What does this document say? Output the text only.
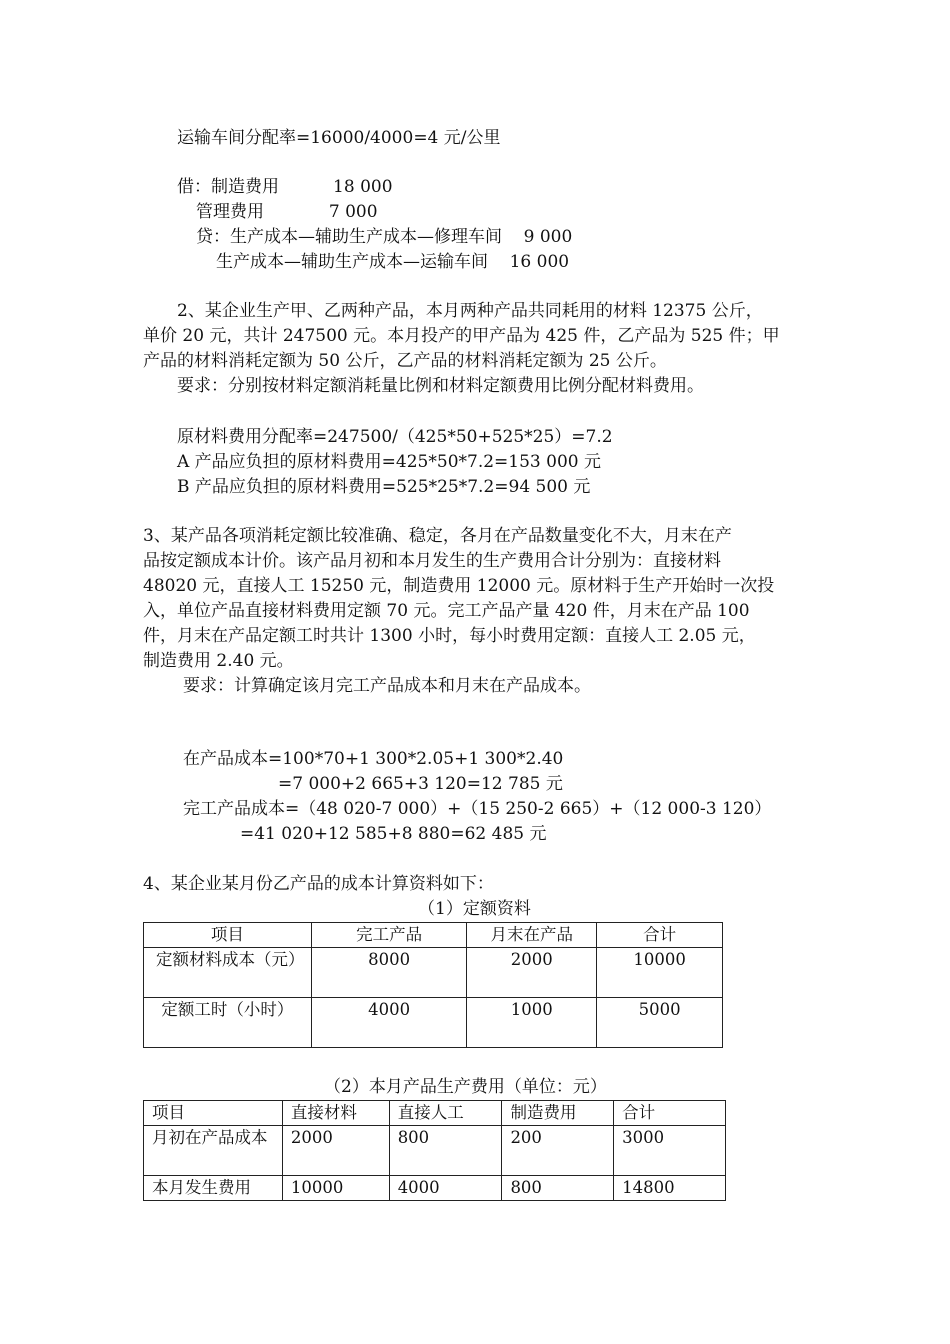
运输车间分配率=16000/4000=4 元/公里
借：制造费用          18 000
管理费用            7 000
贷：生产成本—辅助生产成本—修理车间    9 000
生产成本—辅助生产成本—运输车间    16 000
2、某企业生产甲、乙两种产品，本月两种产品共同耗用的材料 12375 公斤，
单价 20 元，共计 247500 元。本月投产的甲产品为 425 件，乙产品为 525 件；甲
产品的材料消耗定额为 50 公斤，乙产品的材料消耗定额为 25 公斤。
要求：分别按材料定额消耗量比例和材料定额费用比例分配材料费用。
原材料费用分配率=247500/（425*50+525*25）=7.2
A 产品应负担的原材料费用=425*50*7.2=153 000 元
B 产品应负担的原材料费用=525*25*7.2=94 500 元
3、某产品各项消耗定额比较准确、稳定，各月在产品数量变化不大，月末在产
品按定额成本计价。该产品月初和本月发生的生产费用合计分别为：直接材料
48020 元，直接人工 15250 元，制造费用 12000 元。原材料于生产开始时一次投
入，单位产品直接材料费用定额 70 元。完工产品产量 420 件，月末在产品 100
件，月末在产品定额工时共计 1300 小时，每小时费用定额：直接人工 2.05 元，
制造费用 2.40 元。
要求：计算确定该月完工产品成本和月末在产品成本。
在产品成本=100*70+1 300*2.05+1 300*2.40
=7 000+2 665+3 120=12 785 元
完工产品成本=（48 020-7 000）+（15 250-2 665）+（12 000-3 120）
=41 020+12 585+8 880=62 485 元
4、某企业某月份乙产品的成本计算资料如下：
（1）定额资料
项目	完工产品	月末在产品	合计
定额材料成本（元）	8000	2000	10000
定额工时（小时）	4000	1000	5000
（2）本月产品生产费用（单位：元）
项目	直接材料	直接人工	制造费用	合计
月初在产品成本	2000	800	200	3000
本月发生费用	10000	4000	800	14800
